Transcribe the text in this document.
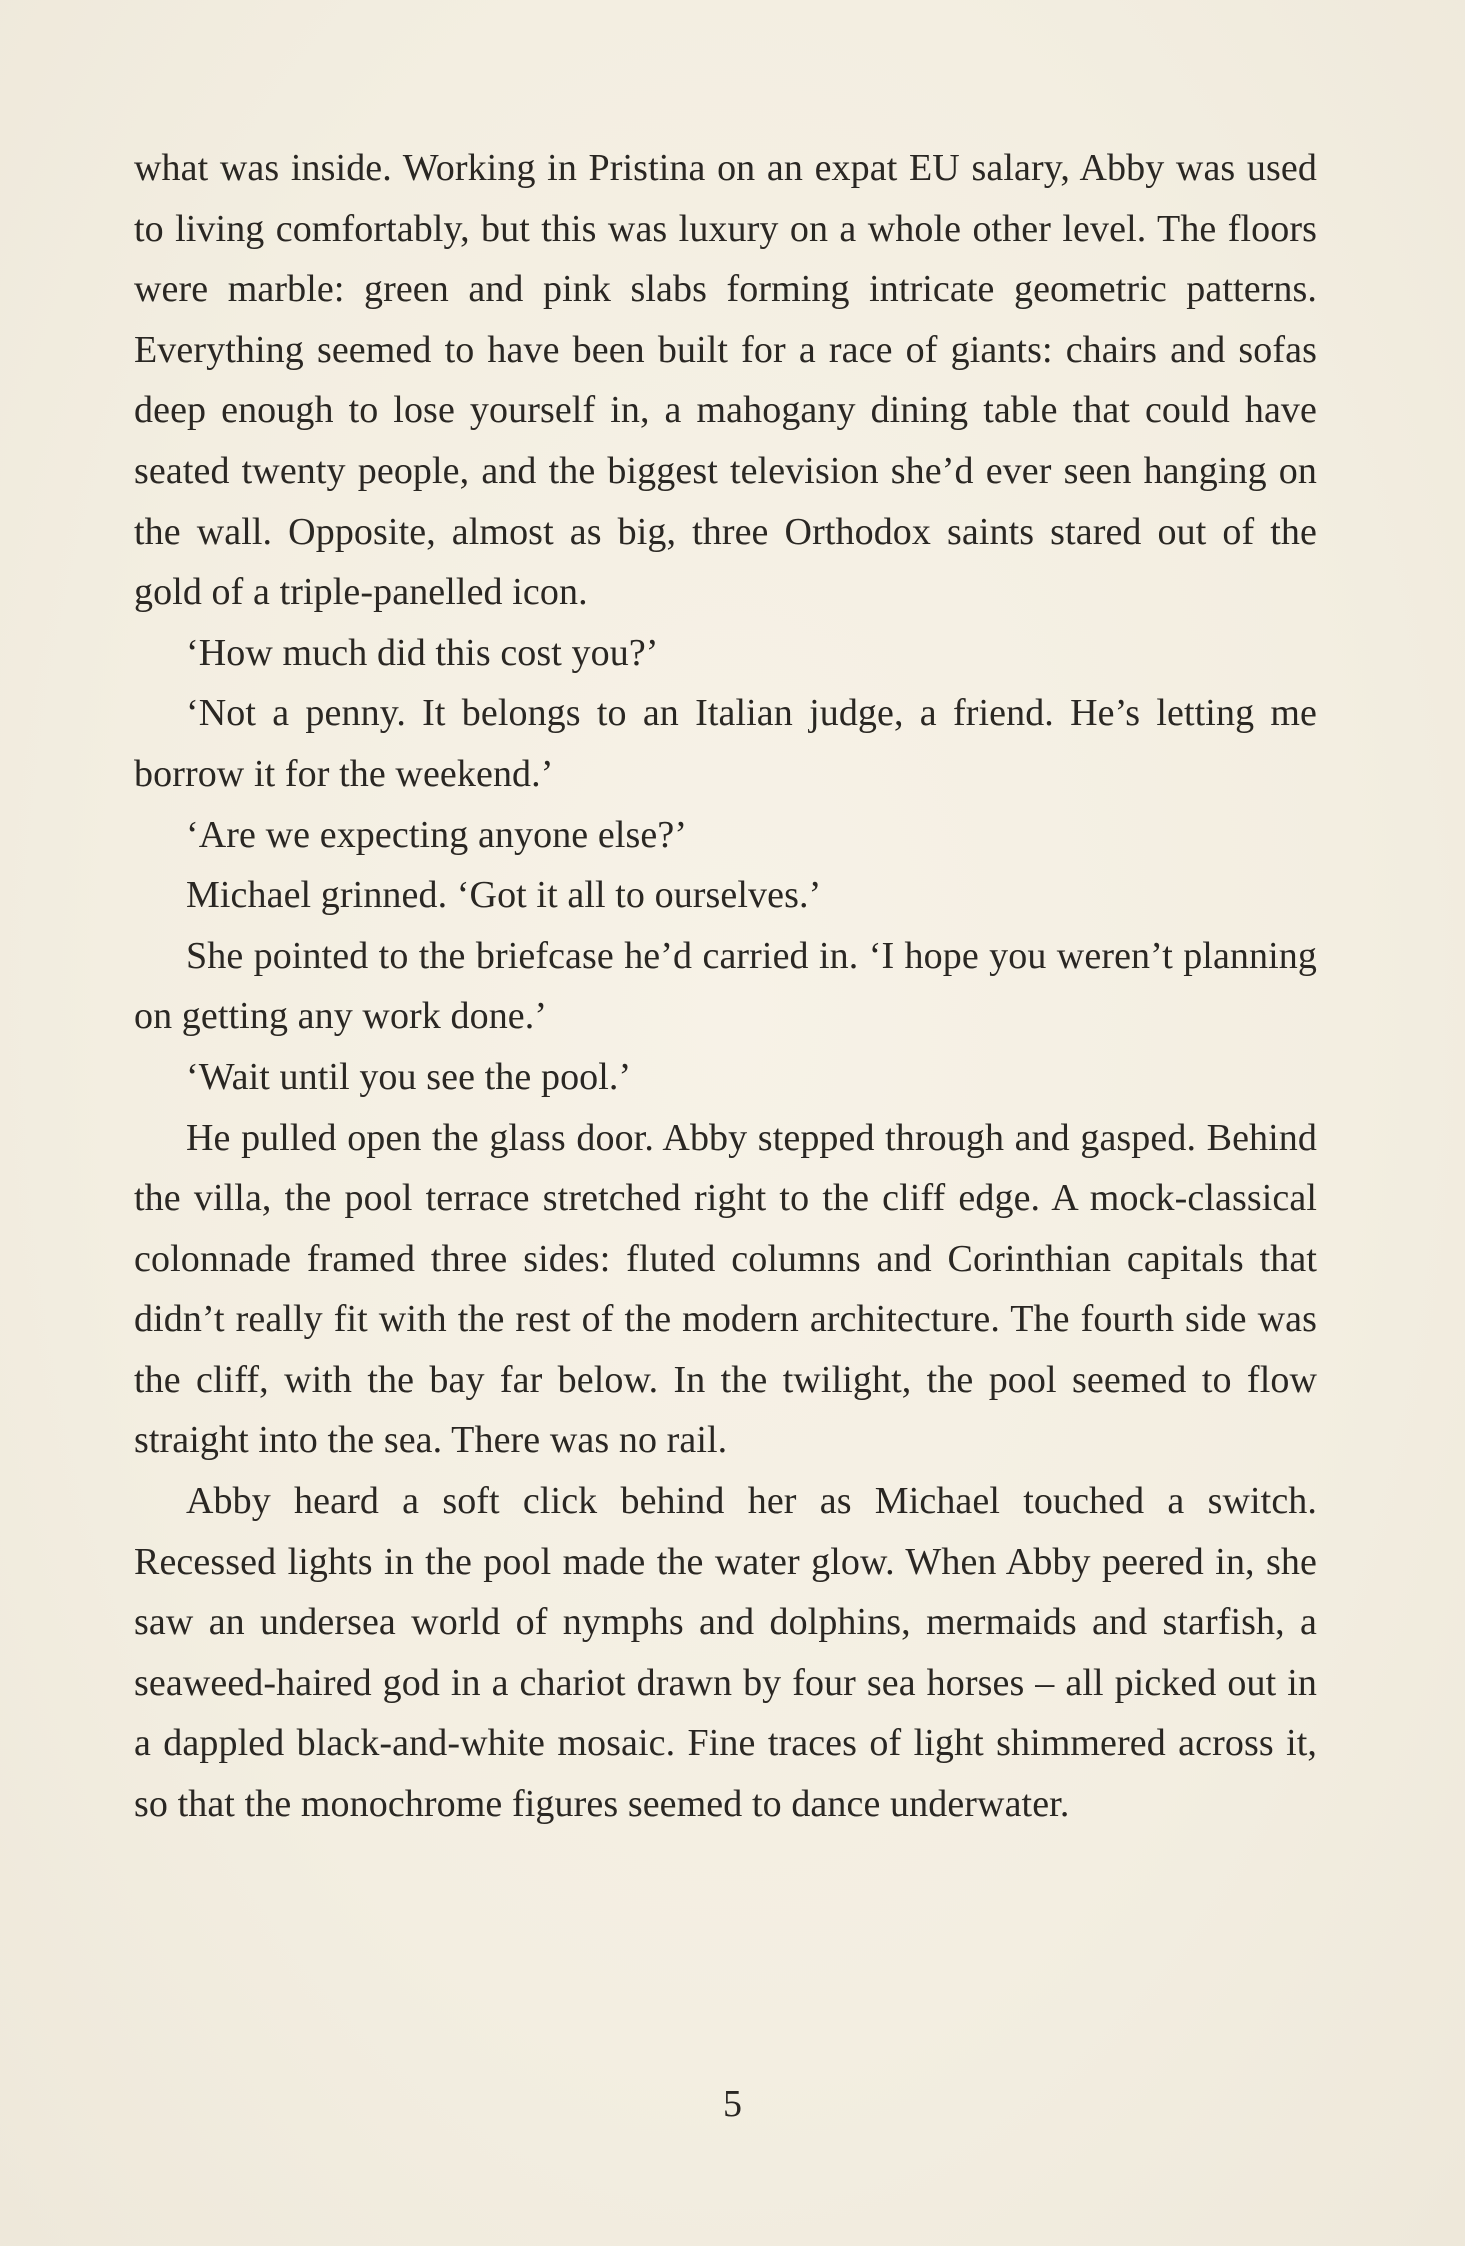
what was inside. Working in Pristina on an expat EU salary, Abby was used to living comfortably, but this was luxury on a whole other level. The floors were marble: green and pink slabs forming intricate geometric patterns. Everything seemed to have been built for a race of giants: chairs and sofas deep enough to lose yourself in, a mahogany dining table that could have seated twenty people, and the biggest television she’d ever seen hanging on the wall. Opposite, almost as big, three Orthodox saints stared out of the gold of a triple-panelled icon.

‘How much did this cost you?’

‘Not a penny. It belongs to an Italian judge, a friend. He’s letting me borrow it for the weekend.’

‘Are we expecting anyone else?’

Michael grinned. ‘Got it all to ourselves.’

She pointed to the briefcase he’d carried in. ‘I hope you weren’t planning on getting any work done.’

‘Wait until you see the pool.’

He pulled open the glass door. Abby stepped through and gasped. Behind the villa, the pool terrace stretched right to the cliff edge. A mock-classical colonnade framed three sides: fluted columns and Corinthian capitals that didn’t really fit with the rest of the modern architecture. The fourth side was the cliff, with the bay far below. In the twilight, the pool seemed to flow straight into the sea. There was no rail.

Abby heard a soft click behind her as Michael touched a switch. Recessed lights in the pool made the water glow. When Abby peered in, she saw an undersea world of nymphs and dolphins, mermaids and starfish, a seaweed-haired god in a chariot drawn by four sea horses – all picked out in a dappled black-and-white mosaic. Fine traces of light shimmered across it, so that the monochrome figures seemed to dance underwater.

5
